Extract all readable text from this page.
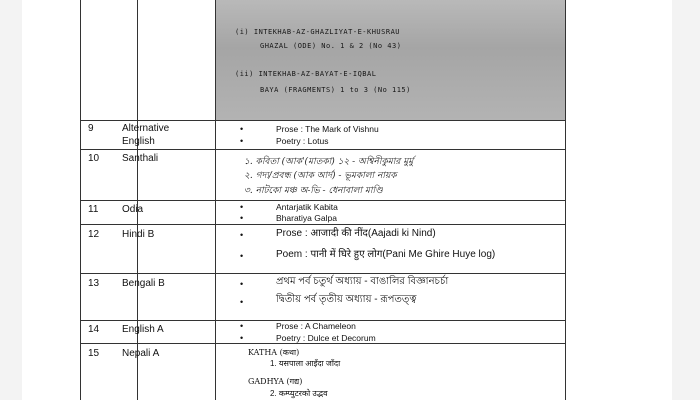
(i) INTEKHAB-AZ-GHAZLIYAT-E-KHUSRAU
GHAZAL (ODE) No. 1 & 2 (No 43)
(ii) INTEKHAB-AZ-BAYAT-E-IQBAL
BAYA (FRAGMENTS) 1 to 3 (No 115)
9	Alternative English
•	Prose : The Mark of Vishnu
•	Poetry : Lotus
10 Santhali	১. কবিতা (আক'(মাতকা) ১২ - অশ্বিনীকুমার মুর্মু
২. গদ্য/প্রবন্ধ (আক আর্দ) - ভূমকালা নায়ক
৩. নাটকো মঞ্চ অ-ভি - ধেনাবালা মাণ্ডি
11 Odia	•	Antarjatik Kabita
•	Bharatiya Galpa
12 Hindi B	•	Prose : आजादी की नींद(Aajadi ki Nind)
•	Poem : पानी में घिरे हुए लोग(Pani Me Ghire Huye log)
13 Bengali B	•	প্রথম পর্ব চতুর্থ অধ্যায় - বাঙালির বিজ্ঞানচর্চা
•	দ্বিতীয় পর্ব তৃতীয় অধ্যায় - রূপতত্ত্ব
14 English A	•	Prose : A Chameleon
•	Poetry : Dulce et Decorum
15 Nepali A	KATHA (कथा)
1. यसपाला आइँदा जाँदा
GADHYA (गद्य)
2. कम्प्युटरको उद्भव
